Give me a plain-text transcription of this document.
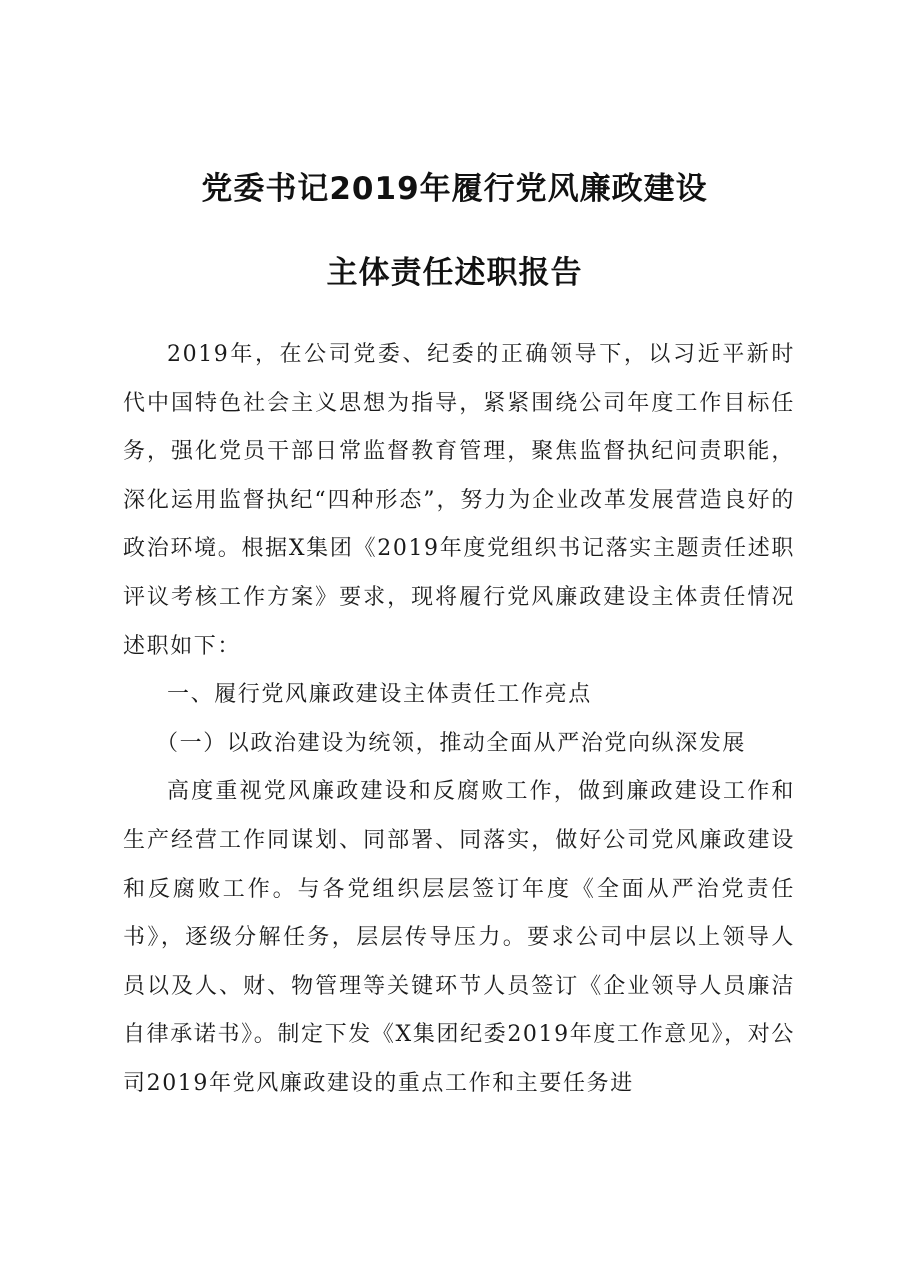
党委书记2019年履行党风廉政建设
主体责任述职报告

2019年，在公司党委、纪委的正确领导下，以习近平新时代中国特色社会主义思想为指导，紧紧围绕公司年度工作目标任务，强化党员干部日常监督教育管理，聚焦监督执纪问责职能，深化运用监督执纪“四种形态”，努力为企业改革发展营造良好的政治环境。根据X集团《2019年度党组织书记落实主题责任述职评议考核工作方案》要求，现将履行党风廉政建设主体责任情况述职如下：

一、履行党风廉政建设主体责任工作亮点

（一）以政治建设为统领，推动全面从严治党向纵深发展

高度重视党风廉政建设和反腐败工作，做到廉政建设工作和生产经营工作同谋划、同部署、同落实，做好公司党风廉政建设和反腐败工作。与各党组织层层签订年度《全面从严治党责任书》，逐级分解任务，层层传导压力。要求公司中层以上领导人员以及人、财、物管理等关键环节人员签订《企业领导人员廉洁自律承诺书》。制定下发《X集团纪委2019年度工作意见》，对公司2019年党风廉政建设的重点工作和主要任务进
